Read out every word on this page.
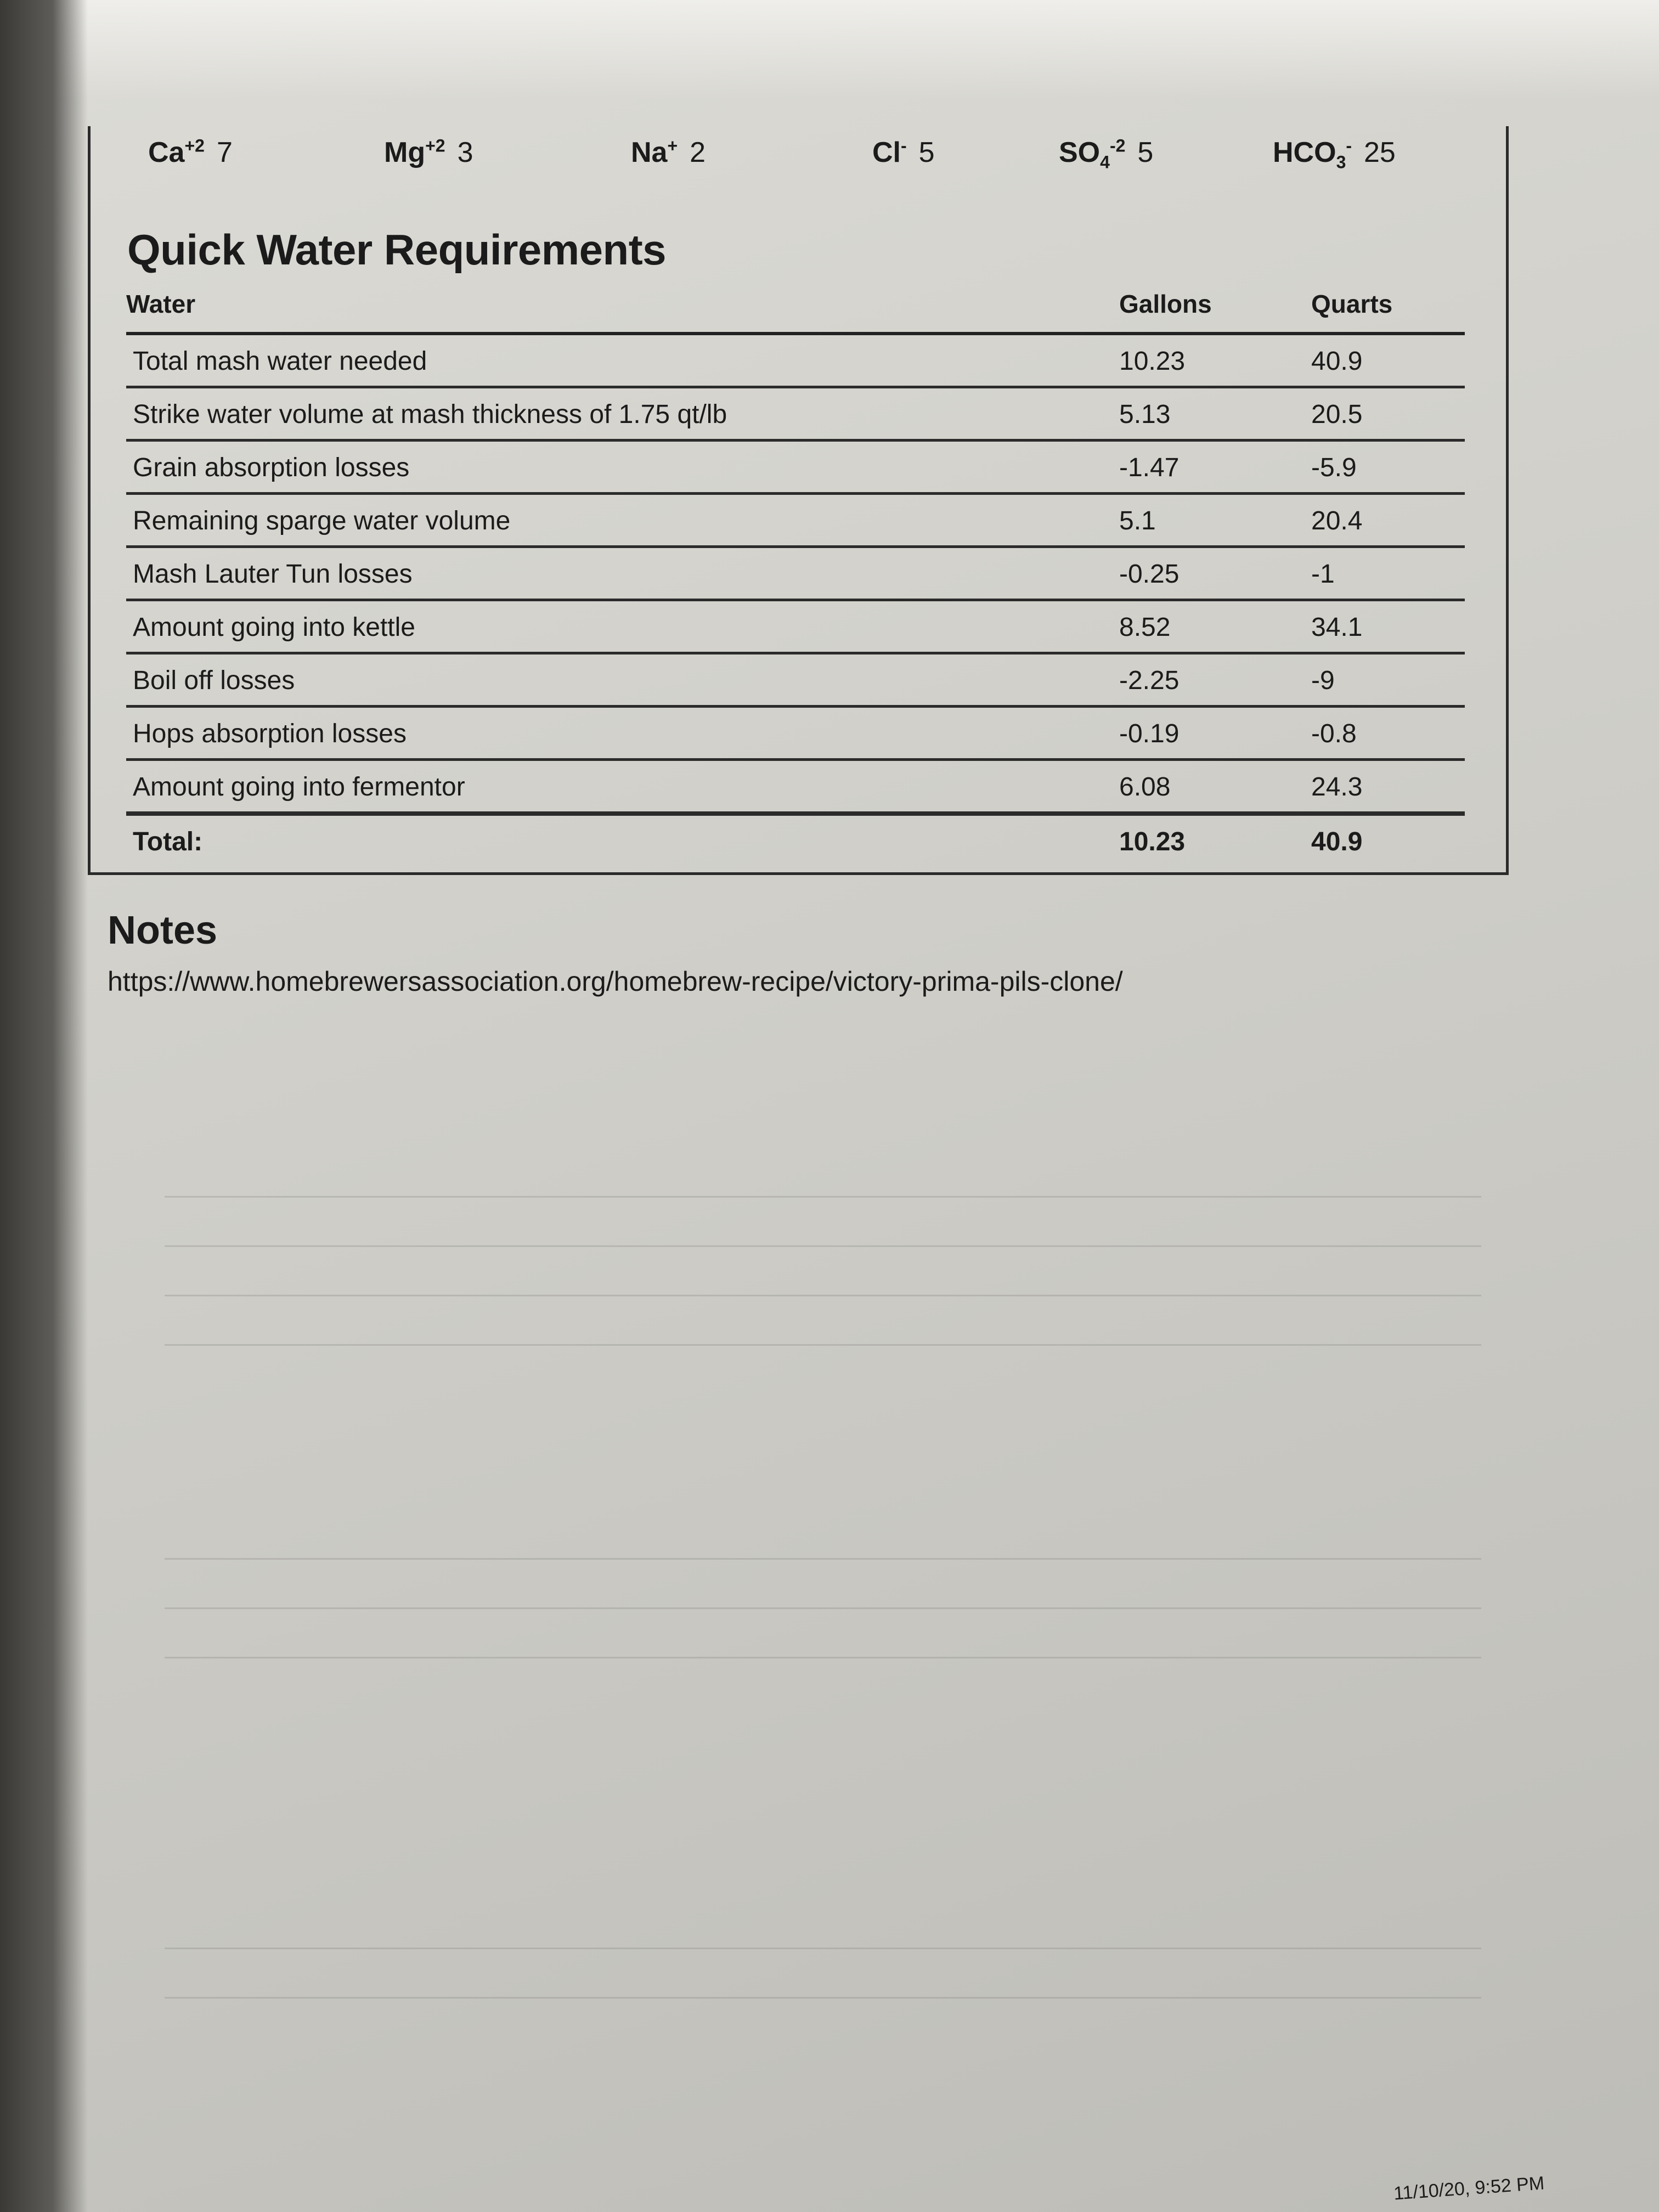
$Ca^{+2}$ 7	$Mg^{+2}$ 3	Na+ 2	Cl- 5	$SO_4^{-2}$ 5	$HCO_3^-$ 25
Quick Water Requirements
Water	Gallons	Quarts
Total mash water needed	10.23	40.9
Strike water volume at mash thickness of 1.75 qt/lb	5.13	20.5
Grain absorption losses	-1.47	-5.9
Remaining sparge water volume	5.1	20.4
Mash Lauter Tun losses	-0.25	-1
Amount going into kettle	8.52	34.1
Boil off losses	-2.25	-9
Hops absorption losses	-0.19	-0.8
Amount going into fermentor	6.08	24.3
Total:	10.23	40.9
Notes
https://www.homebrewersassociation.org/homebrew-recipe/victory-prima-pils-clone/
11/10/20, 9:52 PM
